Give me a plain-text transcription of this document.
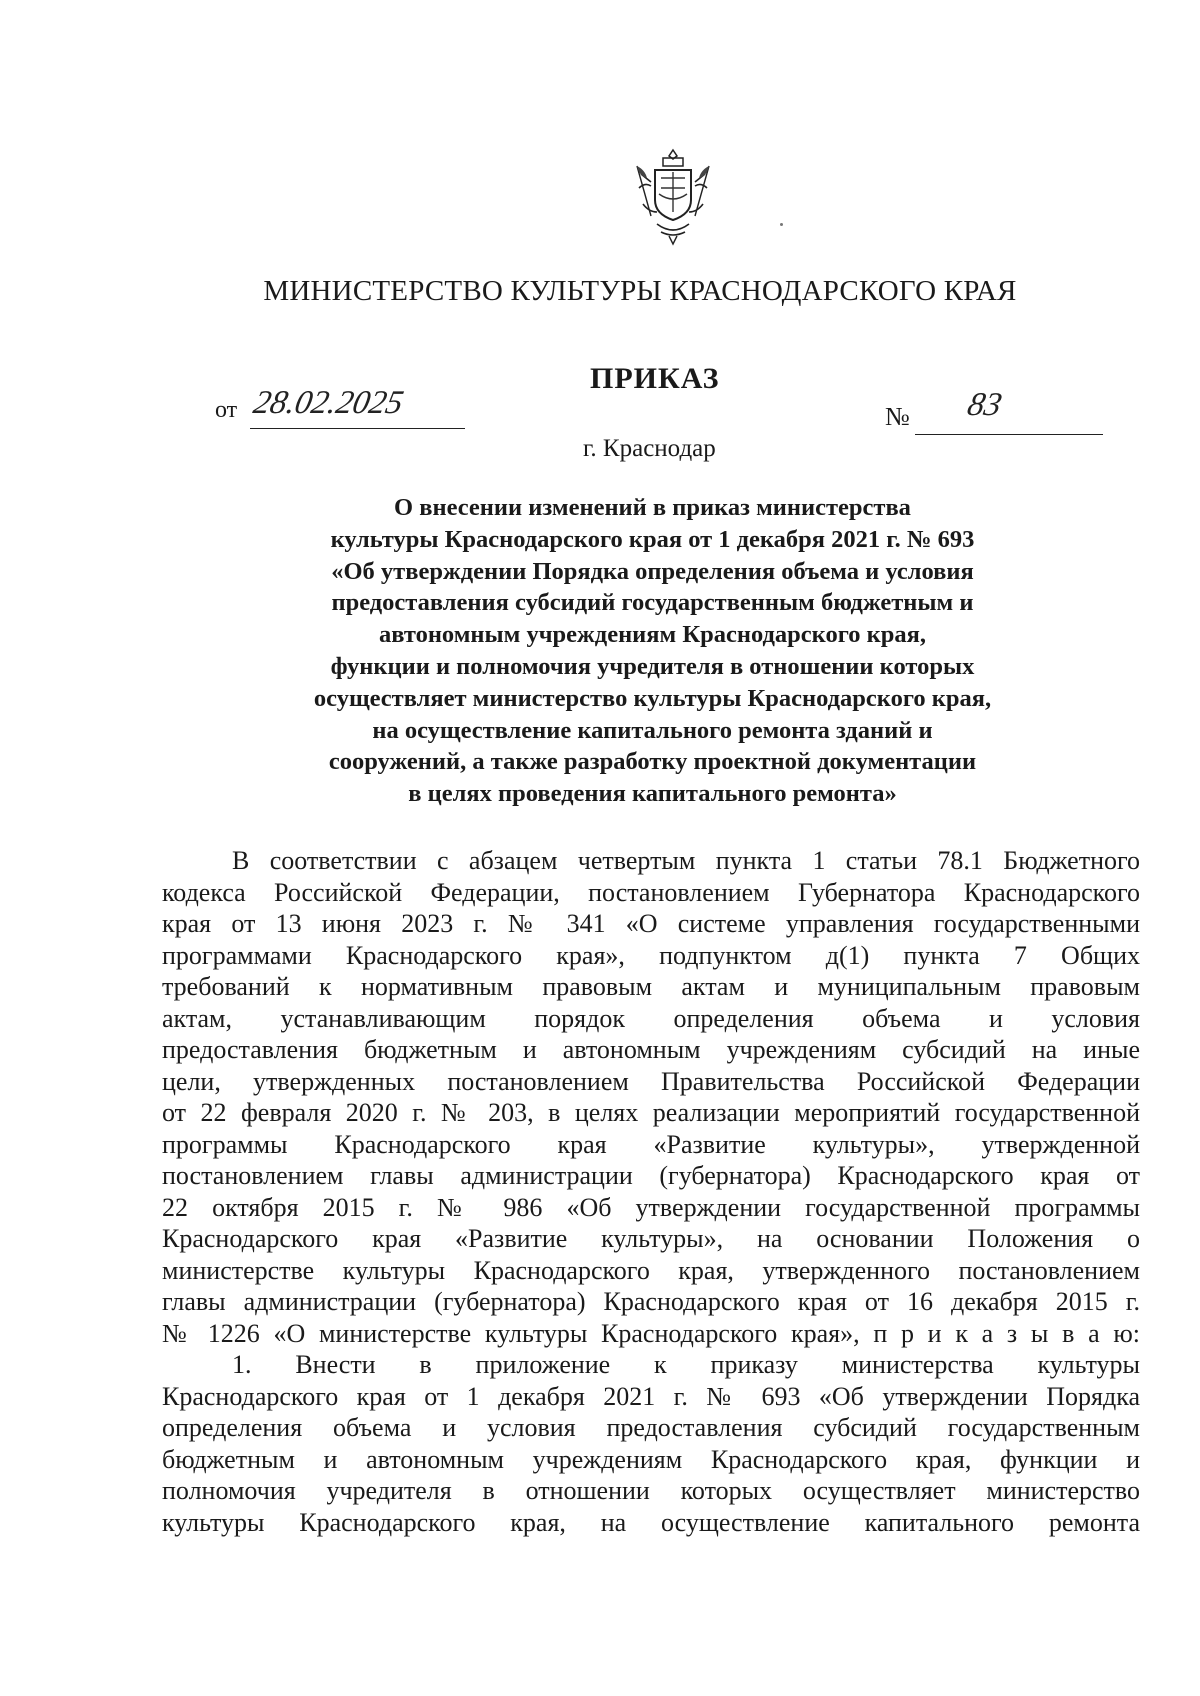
МИНИСТЕРСТВО КУЛЬТУРЫ КРАСНОДАРСКОГО КРАЯ
ПРИКАЗ
от 28.02.2025	№ 83
г. Краснодар
О внесении изменений в приказ министерства
культуры Краснодарского края от 1 декабря 2021 г. № 693
«Об утверждении Порядка определения объема и условия
предоставления субсидий государственным бюджетным и
автономным учреждениям Краснодарского края,
функции и полномочия учредителя в отношении которых
осуществляет министерство культуры Краснодарского края,
на осуществление капитального ремонта зданий и
сооружений, а также разработку проектной документации
в целях проведения капитального ремонта»
В соответствии с абзацем четвертым пункта 1 статьи 78.1 Бюджетного
кодекса Российской Федерации, постановлением Губернатора Краснодарского
края от 13 июня 2023 г. № 341 «О системе управления государственными
программами Краснодарского края», подпунктом д(1) пункта 7 Общих
требований к нормативным правовым актам и муниципальным правовым
актам, устанавливающим порядок определения объема и условия
предоставления бюджетным и автономным учреждениям субсидий на иные
цели, утвержденных постановлением Правительства Российской Федерации
от 22 февраля 2020 г. № 203, в целях реализации мероприятий государственной
программы Краснодарского края «Развитие культуры», утвержденной
постановлением главы администрации (губернатора) Краснодарского края от
22 октября 2015 г. № 986 «Об утверждении государственной программы
Краснодарского края «Развитие культуры», на основании Положения о
министерстве культуры Краснодарского края, утвержденного постановлением
главы администрации (губернатора) Краснодарского края от 16 декабря 2015 г.
№ 1226 «О министерстве культуры Краснодарского края», п р и к а з ы в а ю:
1. Внести в приложение к приказу министерства культуры
Краснодарского края от 1 декабря 2021 г. № 693 «Об утверждении Порядка
определения объема и условия предоставления субсидий государственным
бюджетным и автономным учреждениям Краснодарского края, функции и
полномочия учредителя в отношении которых осуществляет министерство
культуры Краснодарского края, на осуществление капитального ремонта
